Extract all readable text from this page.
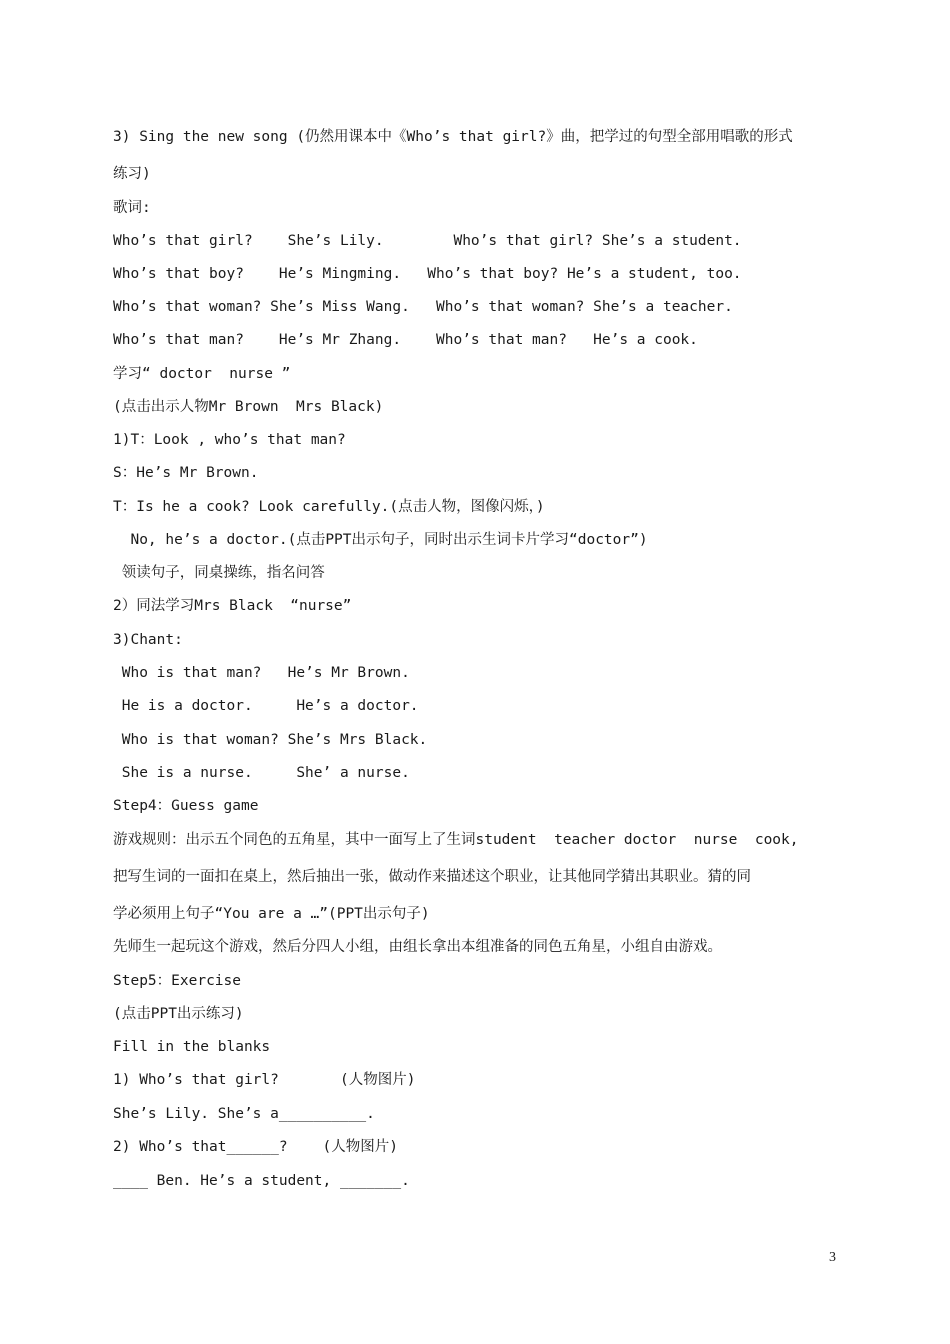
3) Sing the new song (仍然用课本中《Who’s that girl?》曲，把学过的句型全部用唱歌的形式
练习)
歌词:
Who’s that girl?    She’s Lily.        Who’s that girl? She’s a student.
Who’s that boy?    He’s Mingming.   Who’s that boy? He’s a student, too.
Who’s that woman? She’s Miss Wang.   Who’s that woman? She’s a teacher.
Who’s that man?    He’s Mr Zhang.    Who’s that man?   He’s a cook.
学习“ doctor  nurse ”
(点击出示人物Mr Brown  Mrs Black)
1)T：Look , who’s that man?
S：He’s Mr Brown.
T：Is he a cook? Look carefully.(点击人物，图像闪烁，)
No, he’s a doctor.(点击PPT出示句子，同时出示生词卡片学习“doctor”)
领读句子，同桌操练，指名问答
2）同法学习Mrs Black  “nurse”
3)Chant:
Who is that man?   He’s Mr Brown.
He is a doctor.     He’s a doctor.
Who is that woman? She’s Mrs Black.
She is a nurse.     She’ a nurse.
Step4：Guess game
游戏规则：出示五个同色的五角星，其中一面写上了生词student  teacher doctor  nurse  cook,
把写生词的一面扣在桌上，然后抽出一张，做动作来描述这个职业，让其他同学猜出其职业。猜的同
学必须用上句子“You are a …”(PPT出示句子)
先师生一起玩这个游戏，然后分四人小组，由组长拿出本组准备的同色五角星，小组自由游戏。
Step5：Exercise
(点击PPT出示练习)
Fill in the blanks
1) Who’s that girl?       (人物图片)
She’s Lily. She’s a__________.
2) Who’s that______?    (人物图片)
____ Ben. He’s a student, _______.
3
